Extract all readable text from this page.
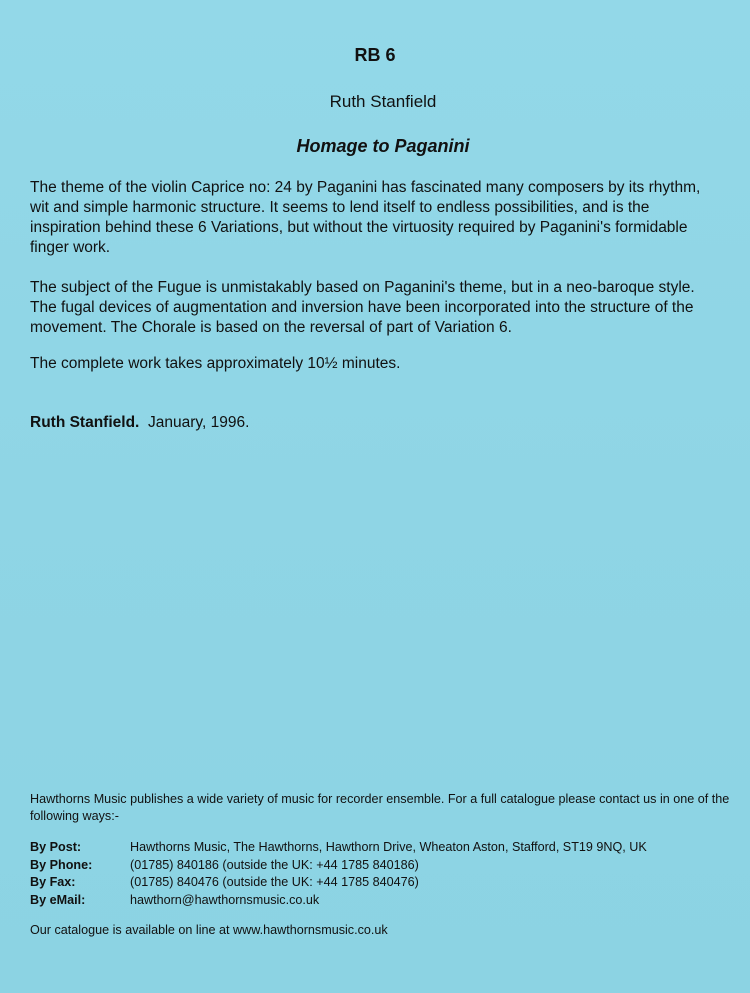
RB 6
Ruth Stanfield
Homage to Paganini

The theme of the violin Caprice no: 24 by Paganini has fascinated many composers by its rhythm, wit and simple harmonic structure. It seems to lend itself to endless possibilities, and is the inspiration behind these 6 Variations, but without the virtuosity required by Paganini's formidable finger work.

The subject of the Fugue is unmistakably based on Paganini's theme, but in a neo-baroque style. The fugal devices of augmentation and inversion have been incorporated into the structure of the movement. The Chorale is based on the reversal of part of Variation 6.

The complete work takes approximately 10½ minutes.

Ruth Stanfield. January, 1996.

Hawthorns Music publishes a wide variety of music for recorder ensemble. For a full catalogue please contact us in one of the following ways:-

By Post:	Hawthorns Music, The Hawthorns, Hawthorn Drive, Wheaton Aston, Stafford, ST19 9NQ, UK
By Phone:	(01785) 840186 (outside the UK: +44 1785 840186)
By Fax:	(01785) 840476 (outside the UK: +44 1785 840476)
By eMail:	hawthorn@hawthornsmusic.co.uk
Our catalogue is available on line at www.hawthornsmusic.co.uk
